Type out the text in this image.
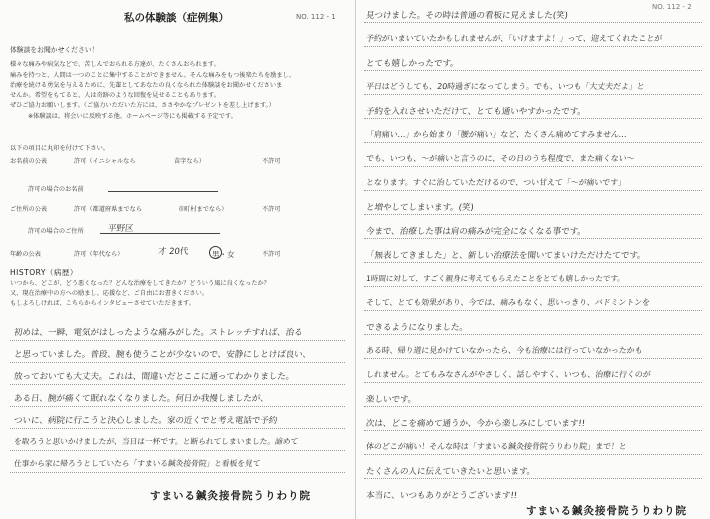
私の体験談（症例集）	NO. 112 - 1
体験談をお聞かせください！
様々な痛みや病気などで、苦しんでおられる方達が、たくさんおられます。
痛みを持つと、人間は一つのことに集中することができません。そんな痛みをもつ後楽たちを励まし、
治療を続ける勇気を与えるために、先輩としてあなたの良くなられた体験談をお聞かせくださいま
せんか。希望をもてると、人は奇跡のような回復を見せることもあります。
ぜひご協力お願いします。（ご協力いただいた方には、ささやかなプレゼントを差し上げます。）
※体験談は、将会いに反映する他、ホームページ等にも掲載する予定です。
以下の項目に丸印を付けて下さい。
お名前の公表	許可（イニシャルなら	苗字なら）	不許可
許可の場合のお名前
ご住所の公表	許可（都道府県までなら	市町村までなら）	不許可
許可の場合のご住所	平野区
年齢の公表	許可（年代なら）	才 20代	男・女	不許可
HISTORY（病歴）
いつから、どこが、どう悪くなった？どんな治療をしてきたか？どういう風に良くなったか？
又、現在治療中の方への励まし、応援など、ご自由にお書きください。
もしよろしければ、こちらからインタビューさせていただきます。
初めは、一瞬、電気がはしったような痛みがした。ストレッチすれば、治る
と思っていました。普段、腕も使うことが少ないので、安静にしとけば良い、
放っておいても大丈夫。これは、間違いだとここに通ってわかりました。
ある日、腕が痛くて眠れなくなりました。何日か我慢しましたが、
ついに、病院に行こうと決心しました。家の近くでと考え電話で予約
を取ろうと思いかけましたが、当日は一杯です。と断られてしまいました。諦めて
仕事から家に帰ろうとしていたら「すまいる鍼灸接骨院」と看板を見て
すまいる鍼灸接骨院うりわり院
NO. 112 - 2
見つけました。その時は普通の看板に見えました(笑)
予約がいまいていたかもしれませんが、「いけますよ！」って、迎えてくれたことが
とても嬉しかったです。
平日はどうしても、20時過ぎになってしまう。でも、いつも「大丈夫だよ」と
予約を入れさせいただけて、とても通いやすかったです。
「肩痛い…」から始まり「腰が痛い」など、たくさん痛めてすみません…
でも、いつも、〜が痛いと言うのに、その日のうち程度で、また痛くない〜
となります。すぐに治していただけるので、つい甘えて「〜が痛いです」
と増やしてしまいます。(笑)
今まで、治療した事は肩の痛みが完全になくなる事です。
「無表してきました」と、新しい治療法を聞いてまいけただけたてです。
1時間に対して、すごく親身に考えてもらえたことをとても嬉しかったです。
そして、とても効果があり、今では、痛みもなく、思いっきり、バドミントンを
できるようになりました。
ある時、帰り道に見かけていなかったら、今も治療には行っていなかったかも
しれません。とてもみなさんがやさしく、話しやすく、いつも、治療に行くのが
楽しいです。
次は、どこを痛めて通うか、今から楽しみにしています!!
体のどこが痛い！そんな時は「すまいる鍼灸接骨院うりわり院」まで！と
たくさんの人に伝えていきたいと思います。
本当に、いつもありがとうございます!!
すまいる鍼灸接骨院うりわり院
